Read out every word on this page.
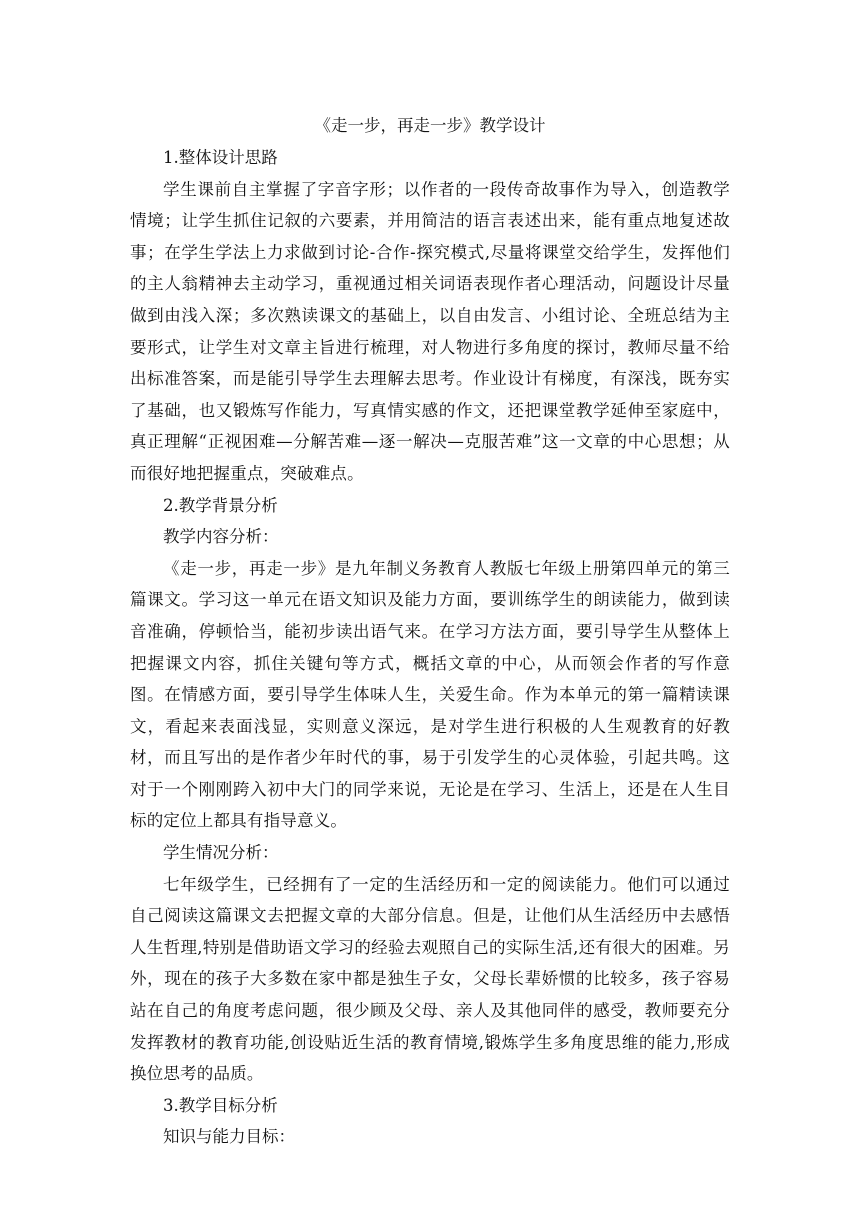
《走一步，再走一步》教学设计

1.整体设计思路

学生课前自主掌握了字音字形；以作者的一段传奇故事作为导入，创造教学情境；让学生抓住记叙的六要素，并用简洁的语言表述出来，能有重点地复述故事；在学生学法上力求做到讨论-合作-探究模式,尽量将课堂交给学生，发挥他们的主人翁精神去主动学习，重视通过相关词语表现作者心理活动，问题设计尽量做到由浅入深；多次熟读课文的基础上，以自由发言、小组讨论、全班总结为主要形式，让学生对文章主旨进行梳理，对人物进行多角度的探讨，教师尽量不给出标准答案，而是能引导学生去理解去思考。作业设计有梯度，有深浅，既夯实了基础，也又锻炼写作能力，写真情实感的作文，还把课堂教学延伸至家庭中，真正理解“正视困难—分解苦难—逐一解决—克服苦难”这一文章的中心思想；从而很好地把握重点，突破难点。

2.教学背景分析

教学内容分析：

《走一步，再走一步》是九年制义务教育人教版七年级上册第四单元的第三篇课文。学习这一单元在语文知识及能力方面，要训练学生的朗读能力，做到读音准确，停顿恰当，能初步读出语气来。在学习方法方面，要引导学生从整体上把握课文内容，抓住关键句等方式，概括文章的中心，从而领会作者的写作意图。在情感方面，要引导学生体味人生，关爱生命。作为本单元的第一篇精读课文，看起来表面浅显，实则意义深远，是对学生进行积极的人生观教育的好教材，而且写出的是作者少年时代的事，易于引发学生的心灵体验，引起共鸣。这对于一个刚刚跨入初中大门的同学来说，无论是在学习、生活上，还是在人生目标的定位上都具有指导意义。

学生情况分析：

七年级学生，已经拥有了一定的生活经历和一定的阅读能力。他们可以通过自己阅读这篇课文去把握文章的大部分信息。但是，让他们从生活经历中去感悟人生哲理,特别是借助语文学习的经验去观照自己的实际生活,还有很大的困难。另外，现在的孩子大多数在家中都是独生子女，父母长辈娇惯的比较多，孩子容易站在自己的角度考虑问题，很少顾及父母、亲人及其他同伴的感受，教师要充分发挥教材的教育功能,创设贴近生活的教育情境,锻炼学生多角度思维的能力,形成换位思考的品质。

3.教学目标分析

知识与能力目标：
